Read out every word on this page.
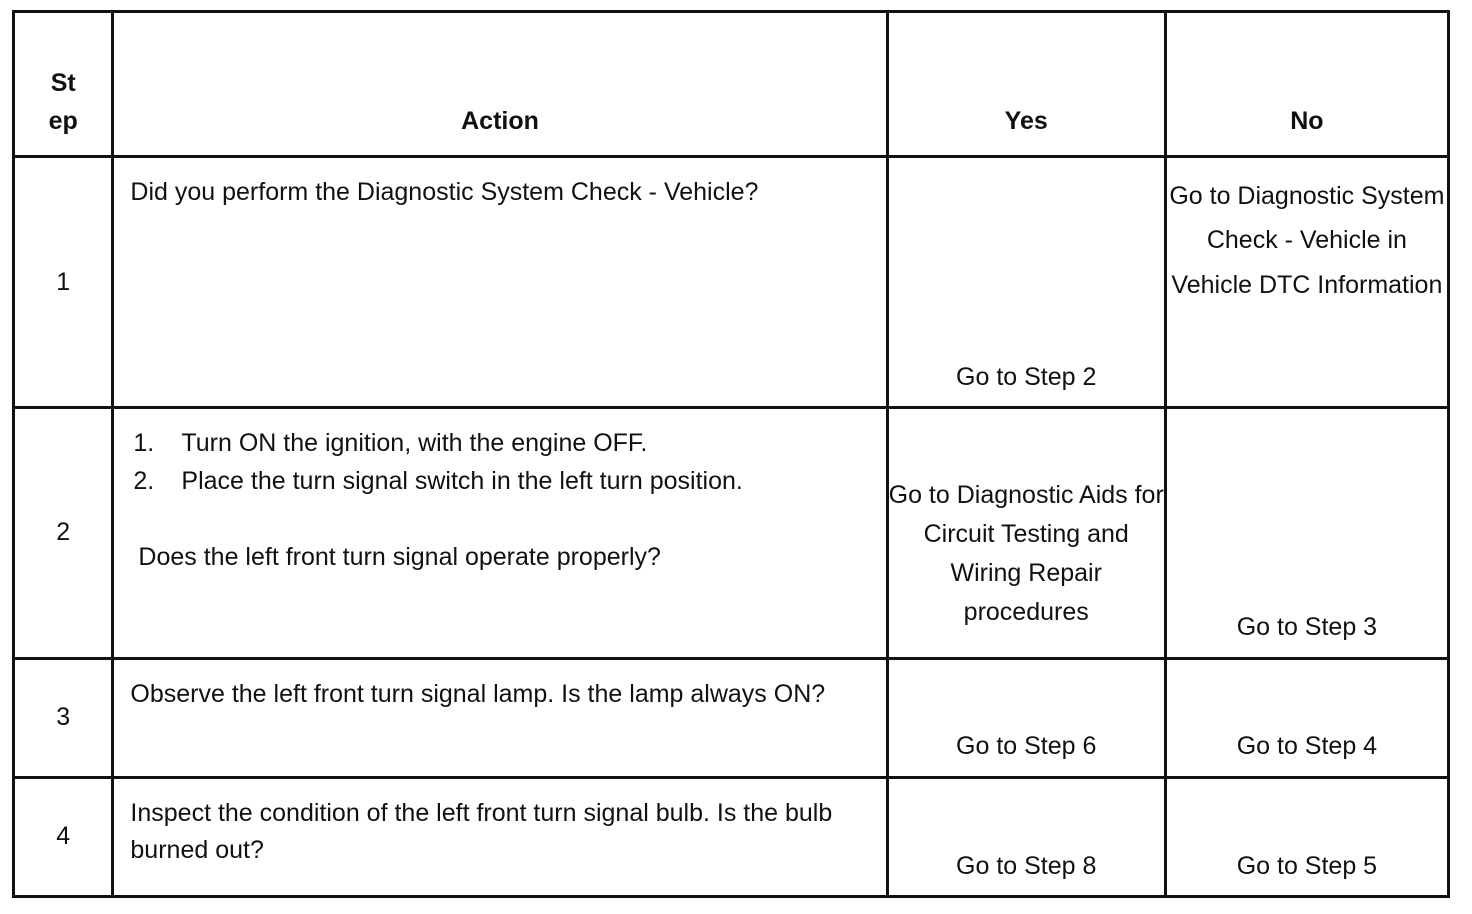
St
ep	Action	Yes	No
1	Did you perform the Diagnostic System Check - Vehicle?	Go to Step 2	Go to Diagnostic System Check - Vehicle in Vehicle DTC Information
2	1. Turn ON the ignition, with the engine OFF.
2. Place the turn signal switch in the left turn position.
Does the left front turn signal operate properly?	Go to Diagnostic Aids for Circuit Testing and Wiring Repair procedures	Go to Step 3
3	Observe the left front turn signal lamp. Is the lamp always ON?	Go to Step 6	Go to Step 4
4	Inspect the condition of the left front turn signal bulb. Is the bulb burned out?	Go to Step 8	Go to Step 5
